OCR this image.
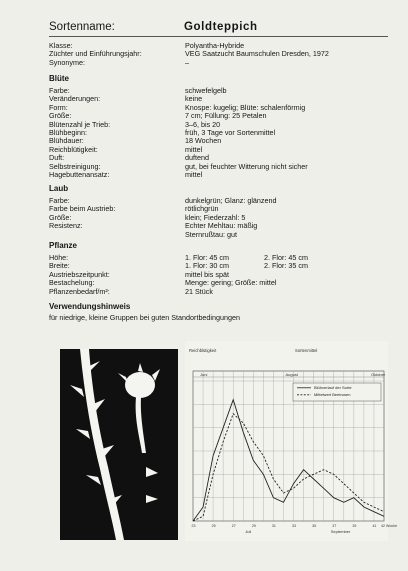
Sortenname:	Goldteppich
Klasse:	Polyantha-Hybride
Züchter und Einführungsjahr:	VEG Saatzucht Baumschulen Dresden, 1972
Synonyme:	–
Blüte
Farbe:	schwefelgelb
Veränderungen:	keine
Form:	Knospe: kugelig; Blüte: schalenförmig
Größe:	7 cm; Füllung: 25 Petalen
Blütenzahl je Trieb:	3–6, bis 20
Blühbeginn:	früh, 3 Tage vor Sortenmittel
Blühdauer:	18 Wochen
Reichblütigkeit:	mittel
Duft:	duftend
Selbstreinigung:	gut, bei feuchter Witterung nicht sicher
Hagebuttenansatz:	mittel
Laub
Farbe:	dunkelgrün; Glanz: glänzend
Farbe beim Austrieb:	rötlichgrün
Größe:	klein; Fiederzahl: 5
Resistenz:	Echter Mehltau: mäßig
Sternrußtau: gut
Pflanze
Höhe:	1. Flor: 45 cm	2. Flor: 45 cm
Breite:	1. Flor: 30 cm	2. Flor: 35 cm
Austriebszeitpunkt:	mittel bis spät
Bestachelung:	Menge: gering; Größe: mittel
Pflanzenbedarf/m²:	21 Stück
Verwendungshinweis
für niedrige, kleine Gruppen bei guten Standortbedingungen
23	25	27	29	31	33	35	37	39	41 42 Woche
Juni
Juli
August
September
Oktober
Reichblütigkeit	Sortenmittel
Blühverlauf der Sorte
Mittelwert Beetrosen
